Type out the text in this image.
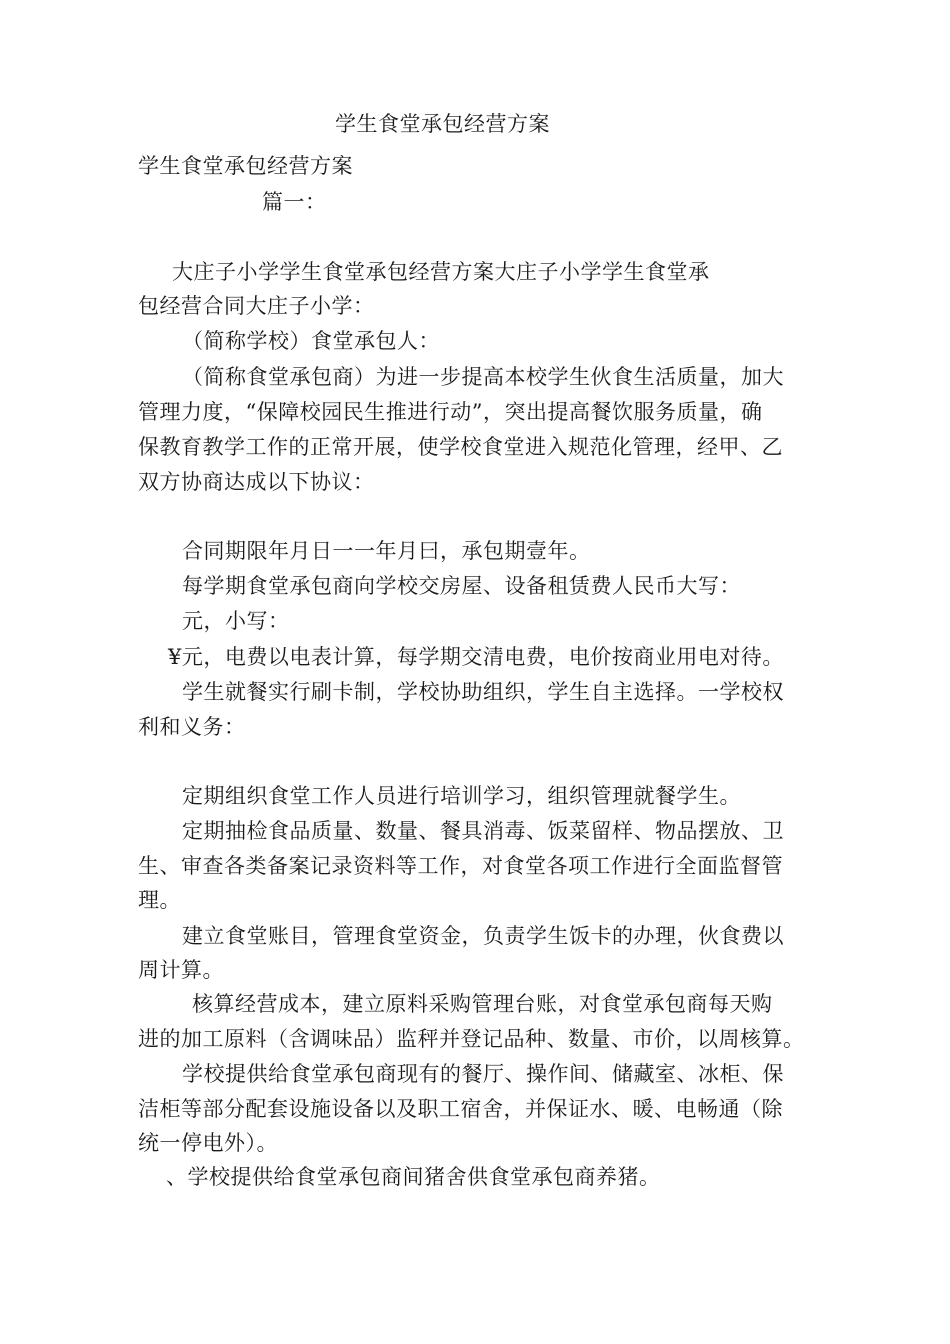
学生食堂承包经营方案
学生食堂承包经营方案
篇一：
大庄子小学学生食堂承包经营方案大庄子小学学生食堂承
包经营合同大庄子小学：
（简称学校）食堂承包人：
（简称食堂承包商）为进一步提高本校学生伙食生活质量，加大
管理力度，“保障校园民生推进行动”，突出提高餐饮服务质量，确
保教育教学工作的正常开展，使学校食堂进入规范化管理，经甲、乙
双方协商达成以下协议：
合同期限年月日一一年月曰，承包期壹年。
每学期食堂承包商向学校交房屋、设备租赁费人民币大写：
元，小写：
¥元，电费以电表计算，每学期交清电费，电价按商业用电对待。
学生就餐实行刷卡制，学校协助组织，学生自主选择。一学校权
利和义务：
定期组织食堂工作人员进行培训学习，组织管理就餐学生。
定期抽检食品质量、数量、餐具消毒、饭菜留样、物品摆放、卫
生、审查各类备案记录资料等工作，对食堂各项工作进行全面监督管
理。
建立食堂账目，管理食堂资金，负责学生饭卡的办理，伙食费以
周计算。
核算经营成本，建立原料采购管理台账，对食堂承包商每天购
进的加工原料（含调味品）监秤并登记品种、数量、市价，以周核算。
学校提供给食堂承包商现有的餐厅、操作间、储藏室、冰柜、保
洁柜等部分配套设施设备以及职工宿舍，并保证水、暖、电畅通（除
统一停电外）。
、学校提供给食堂承包商间猪舍供食堂承包商养猪。
